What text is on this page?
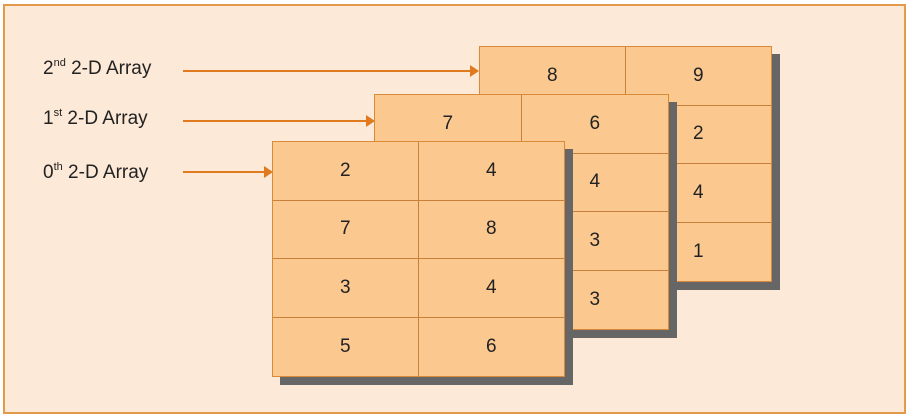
2nd 2-D Array
1st 2-D Array
0th 2-D Array
8	9
2
4
1
7	6
4
3
3
2	4
7	8
3	4
5	6
